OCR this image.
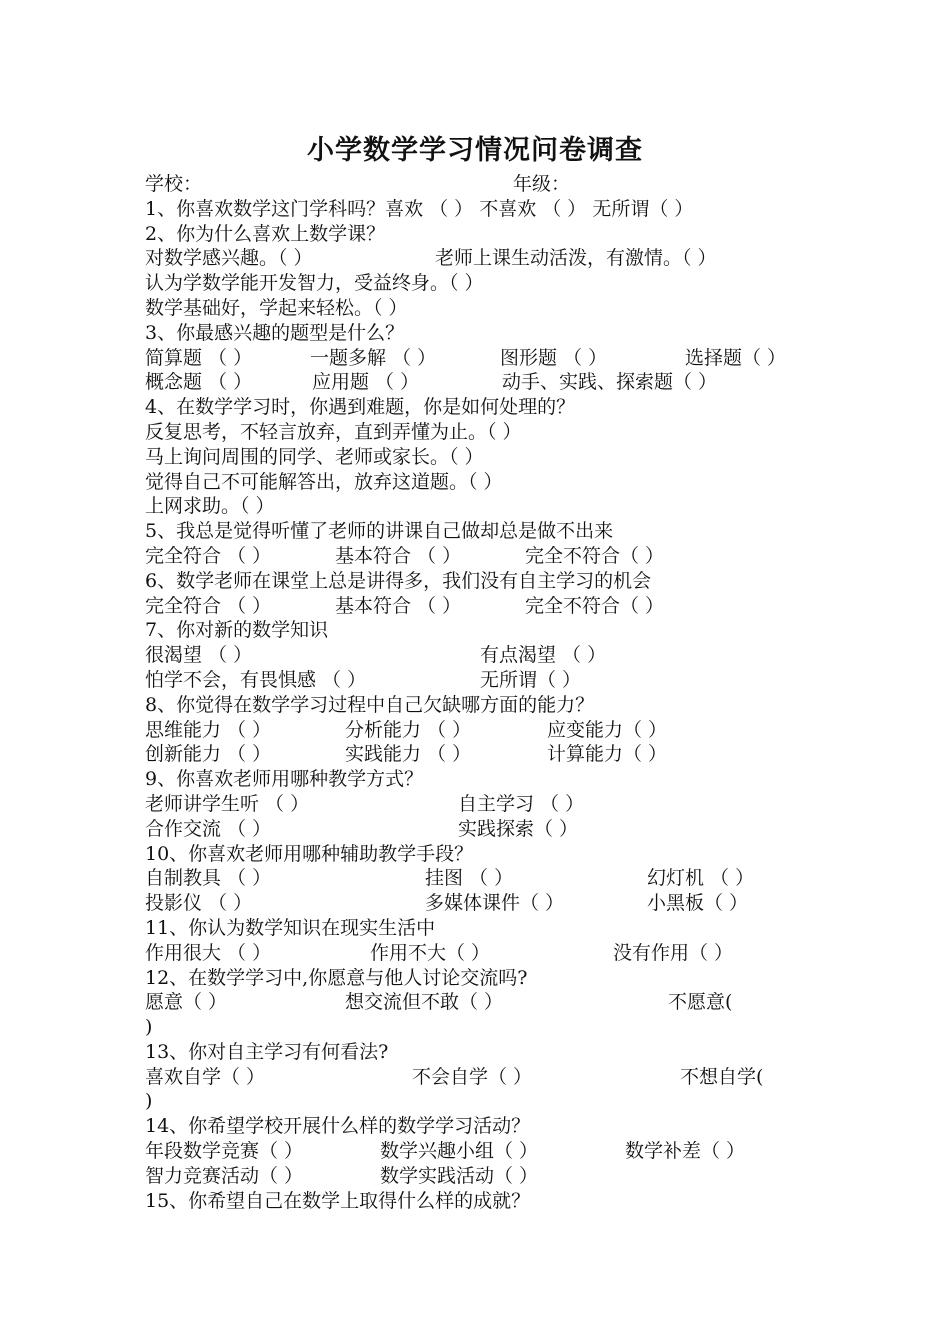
小学数学学习情况问卷调查
学校：	年级：
1、你喜欢数学这门学科吗？喜欢 （ ） 不喜欢 （ ） 无所谓（ ）
2、你为什么喜欢上数学课？
对数学感兴趣。（ ）	老师上课生动活泼，有激情。（ ）
认为学数学能开发智力，受益终身。（ ）
数学基础好，学起来轻松。（ ）
3、你最感兴趣的题型是什么？
简算题 （ ）	一题多解 （ ）	图形题 （ ）	选择题（ ）
概念题 （ ）	应用题 （ ）	动手、实践、探索题（ ）
4、在数学学习时，你遇到难题，你是如何处理的？
反复思考，不轻言放弃，直到弄懂为止。（ ）
马上询问周围的同学、老师或家长。（ ）
觉得自己不可能解答出，放弃这道题。（ ）
上网求助。（ ）
5、我总是觉得听懂了老师的讲课自己做却总是做不出来
完全符合 （ ）	基本符合 （ ）	完全不符合（ ）
6、数学老师在课堂上总是讲得多，我们没有自主学习的机会
完全符合 （ ）	基本符合 （ ）	完全不符合（ ）
7、你对新的数学知识
很渴望 （ ）	有点渴望 （ ）
怕学不会，有畏惧感 （ ）	无所谓（ ）
8、你觉得在数学学习过程中自己欠缺哪方面的能力？
思维能力 （ ）	分析能力 （ ）	应变能力（ ）
创新能力 （ ）	实践能力 （ ）	计算能力（ ）
9、你喜欢老师用哪种教学方式？
老师讲学生听 （ ）	自主学习 （ ）
合作交流 （ ）	实践探索（ ）
10、你喜欢老师用哪种辅助教学手段？
自制教具 （ ）	挂图 （ ）	幻灯机 （ ）
投影仪 （ ）	多媒体课件（ ）	小黑板（ ）
11、你认为数学知识在现实生活中
作用很大 （ ）	作用不大（ ）	没有作用（ ）
12、在数学学习中,你愿意与他人讨论交流吗?
愿意（ ）	想交流但不敢（ ）	不愿意(
)
13、你对自主学习有何看法?
喜欢自学（ ）	不会自学（ ）	不想自学(
)
14、你希望学校开展什么样的数学学习活动？
年段数学竞赛（ ）	数学兴趣小组（ ）	数学补差（ ）
智力竞赛活动（ ）	数学实践活动（ ）
15、你希望自己在数学上取得什么样的成就？
